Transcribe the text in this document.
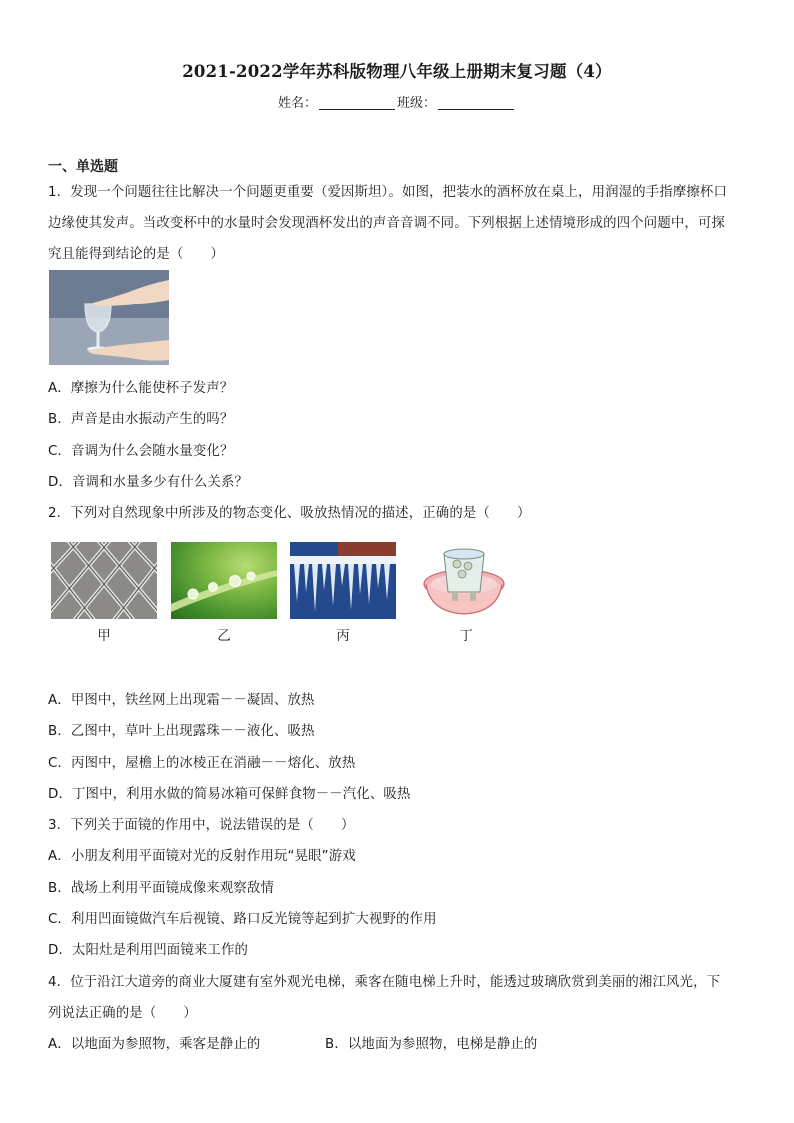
2021-2022学年苏科版物理八年级上册期末复习题（4）
姓名：	班级：
一、单选题
1．发现一个问题往往比解决一个问题更重要（爱因斯坦）。如图，把装水的酒杯放在桌上，用润湿的手指摩擦杯口
边缘使其发声。当改变杯中的水量时会发现酒杯发出的声音音调不同。下列根据上述情境形成的四个问题中，可探
究且能得到结论的是（　　）
A．摩擦为什么能使杯子发声？
B．声音是由水振动产生的吗？
C．音调为什么会随水量变化？
D．音调和水量多少有什么关系？
2．下列对自然现象中所涉及的物态变化、吸放热情况的描述，正确的是（　　）
甲	乙	丙	丁
A．甲图中，铁丝网上出现霜－－凝固、放热
B．乙图中，草叶上出现露珠－－液化、吸热
C．丙图中，屋檐上的冰棱正在消融－－熔化、放热
D．丁图中，利用水做的简易冰箱可保鲜食物－－汽化、吸热
3．下列关于面镜的作用中，说法错误的是（　　）
A．小朋友利用平面镜对光的反射作用玩“晃眼”游戏
B．战场上利用平面镜成像来观察敌情
C．利用凹面镜做汽车后视镜、路口反光镜等起到扩大视野的作用
D．太阳灶是利用凹面镜来工作的
4．位于沿江大道旁的商业大厦建有室外观光电梯，乘客在随电梯上升时，能透过玻璃欣赏到美丽的湘江风光，下
列说法正确的是（　　）
A．以地面为参照物，乘客是静止的	B．以地面为参照物，电梯是静止的
